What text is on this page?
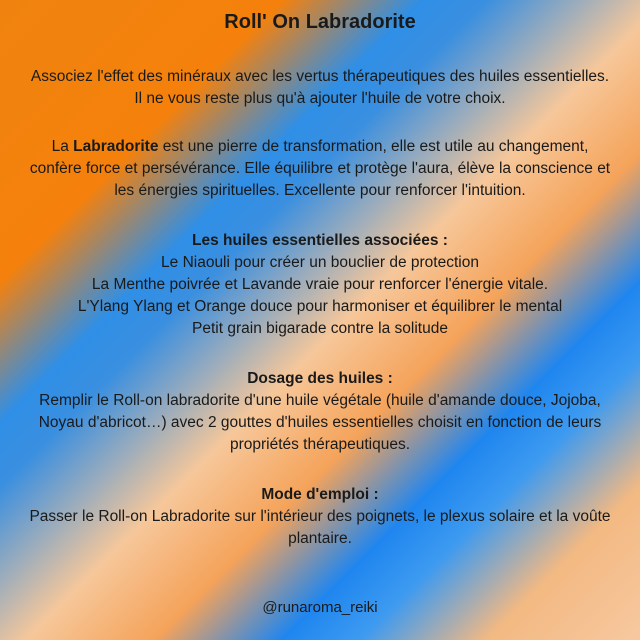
Roll' On Labradorite

Associez l'effet des minéraux avec les vertus thérapeutiques des huiles essentielles.

Il ne vous reste plus qu'à ajouter l'huile de votre choix.

La Labradorite est une pierre de transformation, elle est utile au changement,

confère force et persévérance. Elle équilibre et protège l'aura, élève la conscience et

les énergies spirituelles. Excellente pour renforcer l'intuition.

Les huiles essentielles associées :

Le Niaouli pour créer un bouclier de protection

La Menthe poivrée et Lavande vraie pour renforcer l'énergie vitale.

L'Ylang Ylang et Orange douce pour harmoniser et équilibrer le mental

Petit grain bigarade contre la solitude

Dosage des huiles :

Remplir le Roll-on labradorite d'une huile végétale (huile d'amande douce, Jojoba,

Noyau d'abricot…) avec 2 gouttes d'huiles essentielles choisit en fonction de leurs

propriétés thérapeutiques.

Mode d'emploi :

Passer le Roll-on Labradorite sur l'intérieur des poignets, le plexus solaire et la voûte

plantaire.

@runaroma_reiki
